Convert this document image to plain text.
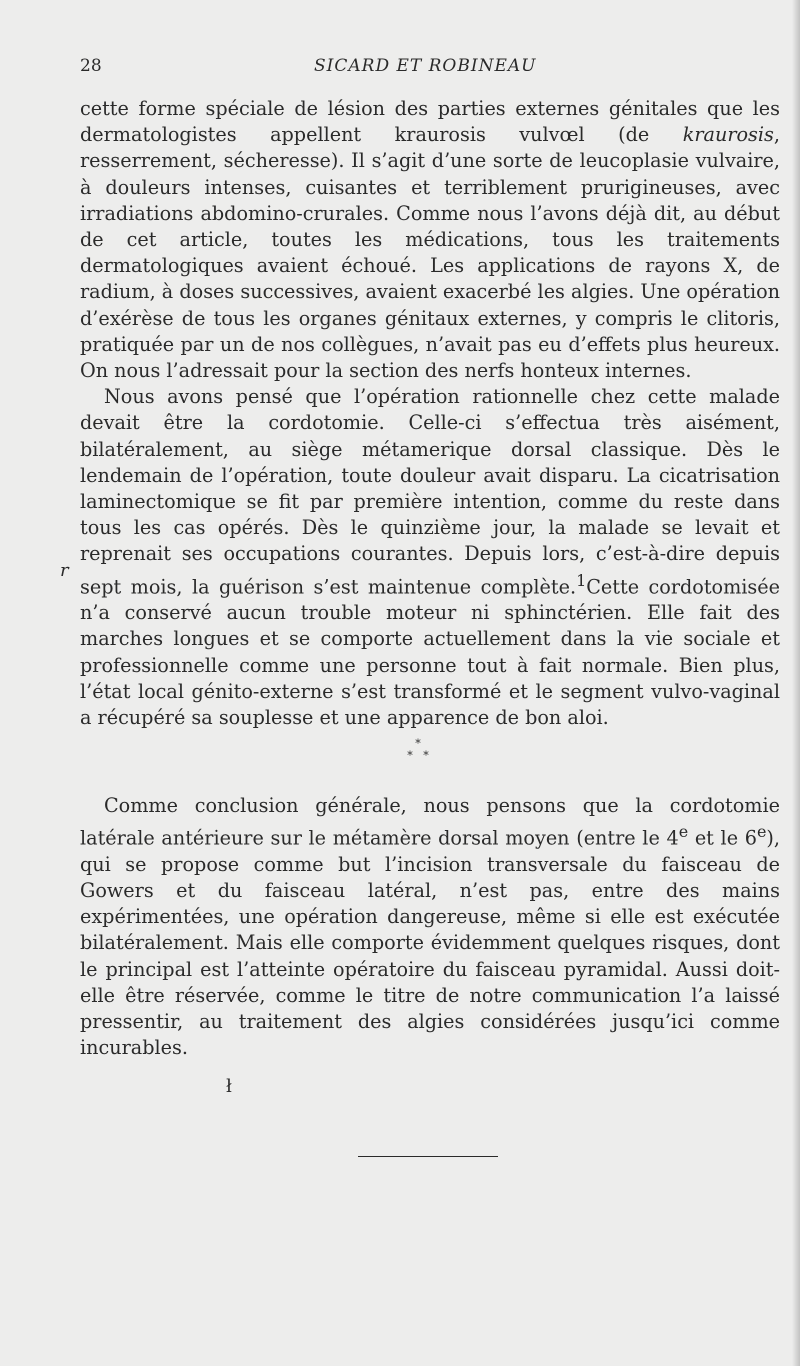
28	SICARD ET ROBINEAU
r

cette forme spéciale de lésion des parties externes génitales que les dermatologistes appellent kraurosis vulvœl (de kraurosis, resserrement, sécheresse). Il s’agit d’une sorte de leucoplasie vulvaire, à douleurs intenses, cuisantes et terriblement prurigineuses, avec irradiations abdomino-crurales. Comme nous l’avons déjà dit, au début de cet article, toutes les médications, tous les traitements dermatologiques avaient échoué. Les applications de rayons X, de radium, à doses successives, avaient exacerbé les algies. Une opération d’exérèse de tous les organes génitaux externes, y compris le clitoris, pratiquée par un de nos collègues, n’avait pas eu d’effets plus heureux. On nous l’adressait pour la section des nerfs honteux internes.

Nous avons pensé que l’opération rationnelle chez cette malade devait être la cordotomie. Celle-ci s’effectua très aisément, bilatéralement, au siège métamerique dorsal classique. Dès le lendemain de l’opération, toute douleur avait disparu. La cicatrisation laminectomique se fit par première intention, comme du reste dans tous les cas opérés. Dès le quinzième jour, la malade se levait et reprenait ses occupations courantes. Depuis lors, c’est-à-dire depuis sept mois, la guérison s’est maintenue complète.$^1$Cette cordotomisée n’a conservé aucun trouble moteur ni sphinctérien. Elle fait des marches longues et se comporte actuellement dans la vie sociale et professionnelle comme une personne tout à fait normale. Bien plus, l’état local génito-externe s’est transformé et le segment vulvo-vaginal a récupéré sa souplesse et une apparence de bon aloi.

*
*   *

Comme conclusion générale, nous pensons que la cordotomie latérale antérieure sur le métamère dorsal moyen (entre le 4e et le 6e), qui se propose comme but l’incision transversale du faisceau de Gowers et du faisceau latéral, n’est pas, entre des mains expérimentées, une opération dangereuse, même si elle est exécutée bilatéralement. Mais elle comporte évidemment quelques risques, dont le principal est l’atteinte opératoire du faisceau pyramidal. Aussi doit-elle être réservée, comme le titre de notre communication l’a laissé pressentir, au traitement des algies considérées jusqu’ici comme incurables.

ł
